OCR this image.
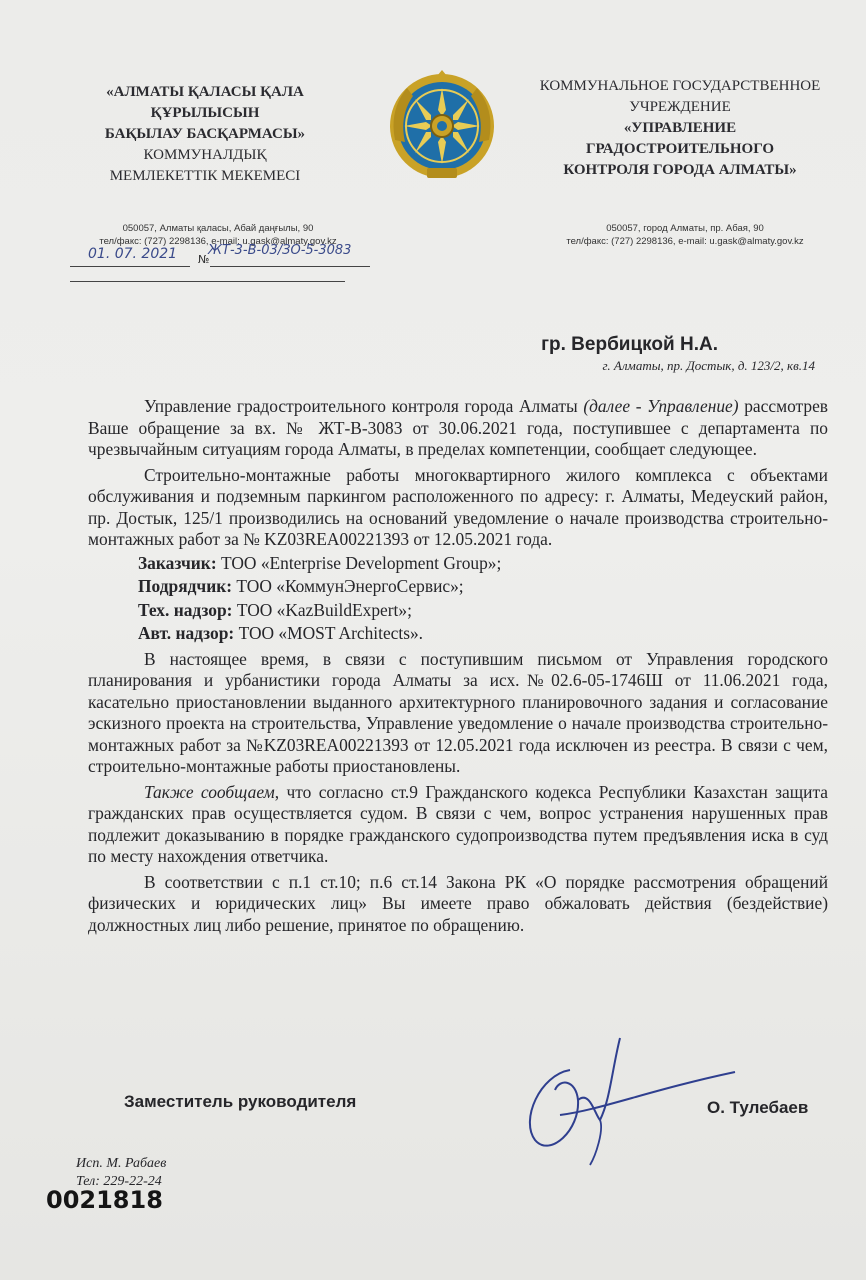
«АЛМАТЫ ҚАЛАСЫ ҚАЛА
ҚҰРЫЛЫСЫН
БАҚЫЛАУ БАСҚАРМАСЫ»
КОММУНАЛДЫҚ
МЕМЛЕКЕТТІК МЕКЕМЕСІ
КОММУНАЛЬНОЕ ГОСУДАРСТВЕННОЕ
УЧРЕЖДЕНИЕ
«УПРАВЛЕНИЕ
ГРАДОСТРОИТЕЛЬНОГО
КОНТРОЛЯ ГОРОДА АЛМАТЫ»
050057, Алматы қаласы, Абай даңғылы, 90
тел/факс: (727) 2298136, e-mail: u.gask@almaty.gov.kz
050057, город Алматы, пр. Абая, 90
тел/факс: (727) 2298136, e-mail: u.gask@almaty.gov.kz
01. 07. 2021 №
ЖТ-3-В-03/ЗО-5-3083
гр. Вербицкой Н.А.
г. Алматы, пр. Достык, д. 123/2, кв.14

Управление градостроительного контроля города Алматы (далее - Управление) рассмотрев Ваше обращение за вх. № ЖТ-В-3083 от 30.06.2021 года, поступившее с департамента по чрезвычайным ситуациям города Алматы, в пределах компетенции, сообщает следующее.

Строительно-монтажные работы многоквартирного жилого комплекса с объектами обслуживания и подземным паркингом расположенного по адресу: г. Алматы, Медеуский район, пр. Достык, 125/1 производились на оснований уведомление о начале производства строительно-монтажных работ за № KZ03REA00221393 от 12.05.2021 года.

Заказчик: ТОО «Enterprise Development Group»;

Подрядчик: ТОО «КоммунЭнергоСервис»;

Тех. надзор: ТОО «KazBuildExpert»;

Авт. надзор: ТОО «MOST Architects».

В настоящее время, в связи с поступившим письмом от Управления городского планирования и урбанистики города Алматы за исх.№02.6-05-1746Ш от 11.06.2021 года, касательно приостановлении выданного архитектурного планировочного задания и согласование эскизного проекта на строительства, Управление уведомление о начале производства строительно-монтажных работ за №KZ03REA00221393 от 12.05.2021 года исключен из реестра. В связи с чем, строительно-монтажные работы приостановлены.

Также сообщаем, что согласно ст.9 Гражданского кодекса Республики Казахстан защита гражданских прав осуществляется судом. В связи с чем, вопрос устранения нарушенных прав подлежит доказыванию в порядке гражданского судопроизводства путем предъявления иска в суд по месту нахождения ответчика.

В соответствии с п.1 ст.10; п.6 ст.14 Закона РК «О порядке рассмотрения обращений физических и юридических лиц» Вы имеете право обжаловать действия (бездействие) должностных лиц либо решение, принятое по обращению.

Заместитель руководителя	О. Тулебаев
Исп. М. Рабаев
Тел: 229-22-24
0021818
